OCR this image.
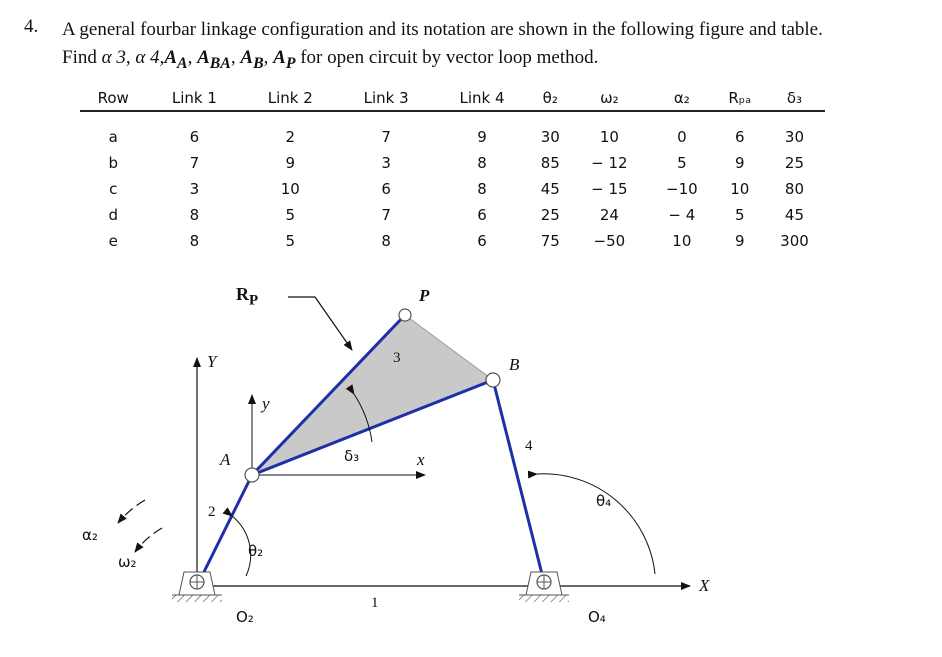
4. A general fourbar linkage configuration and its notation are shown in the following figure and table.
Find α 3, α $4,A_A$, $A_{BA}$, $A_B$, $A_P$ for open circuit by vector loop method.
Row	Link 1	Link 2	Link 3	Link 4	θ₂	ω₂	α₂	Rₚₐ	δ₃
a	6	2	7	9	30	10	0	6	30
b	7	9	3	8	85	− 12	5	9	25
c	3	10	6	8	45	− 15	−10	10	80
d	8	5	7	6	25	24	− 4	5	45
e	8	5	8	6	75	−50	10	9	300
$R_P$	P
3	B
Y
y
A	δ₃	x
4
θ₄
2
θ₂
α₂
ω₂
X
1
O₂	O₄
